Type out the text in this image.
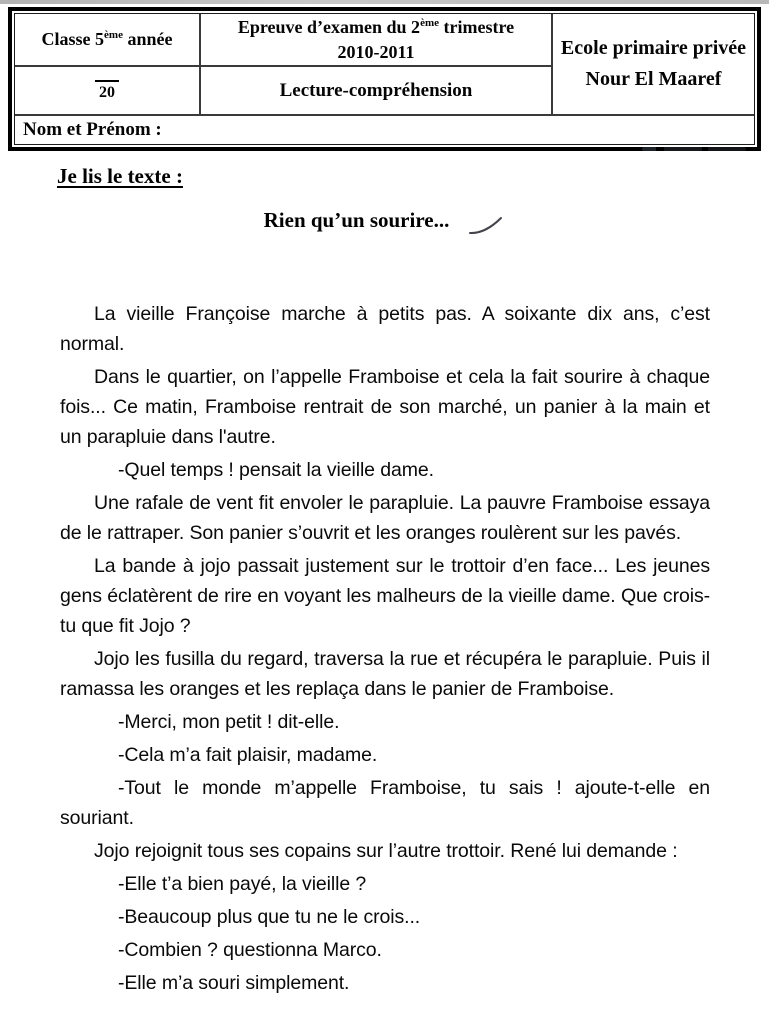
Classe 5ème année
Epreuve d’examen du 2ème trimestre
2010-2011	Ecole primaire privée
Nour El Maaref
20	Lecture-compréhension
Nom et Prénom :
Je lis le texte :
Rien qu’un sourire...

La vieille Françoise marche à petits pas. A soixante dix ans, c’est normal.

Dans le quartier, on l’appelle Framboise et cela la fait sourire à chaque fois... Ce matin, Framboise rentrait de son marché, un panier à la main et un parapluie dans l'autre.

-Quel temps ! pensait la vieille dame.

Une rafale de vent fit envoler le parapluie. La pauvre Framboise essaya de le rattraper. Son panier s’ouvrit et les oranges roulèrent sur les pavés.

La bande à jojo passait justement sur le trottoir d’en face... Les jeunes gens éclatèrent de rire en voyant les malheurs de la vieille dame. Que crois-tu que fit Jojo ?

Jojo les fusilla du regard, traversa la rue et récupéra le parapluie. Puis il ramassa les oranges et les replaça dans le panier de Framboise.

-Merci, mon petit ! dit-elle.

-Cela m’a fait plaisir, madame.

-Tout le monde m’appelle Framboise, tu sais ! ajoute-t-elle en souriant.

Jojo rejoignit tous ses copains sur l’autre trottoir. René lui demande :

-Elle t’a bien payé, la vieille ?

-Beaucoup plus que tu ne le crois...

-Combien ? questionna Marco.

-Elle m’a souri simplement.
